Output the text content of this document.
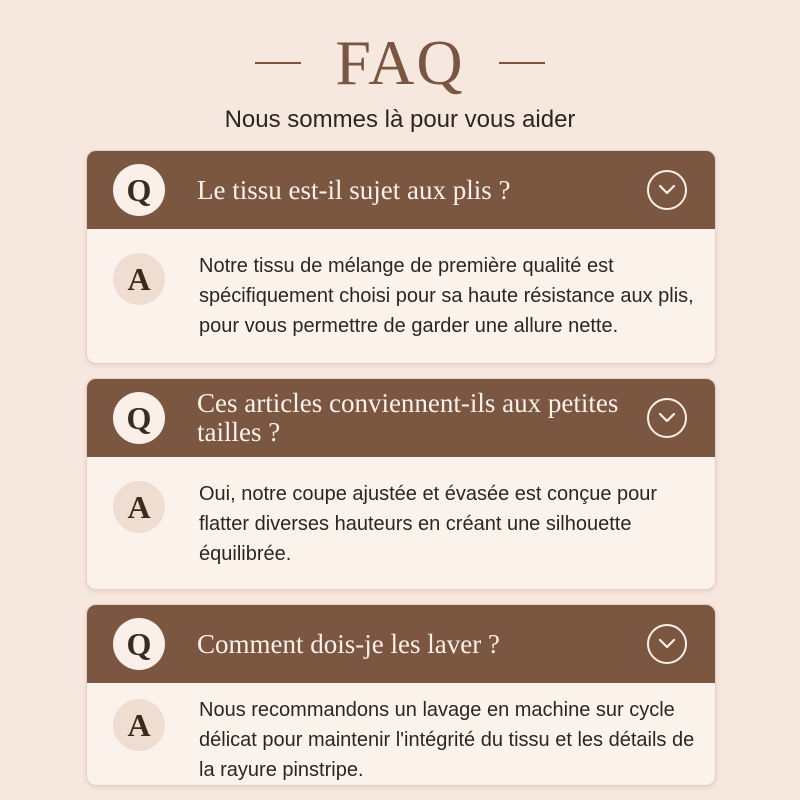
FAQ
Nous sommes là pour vous aider
Q	Le tissu est-il sujet aux plis ?
A	Notre tissu de mélange de première qualité est spécifiquement choisi pour sa haute résistance aux plis, pour vous permettre de garder une allure nette.
Q	Ces articles conviennent-ils aux petites tailles ?
A	Oui, notre coupe ajustée et évasée est conçue pour flatter diverses hauteurs en créant une silhouette équilibrée.
Q	Comment dois-je les laver ?
A	Nous recommandons un lavage en machine sur cycle délicat pour maintenir l'intégrité du tissu et les détails de la rayure pinstripe.
